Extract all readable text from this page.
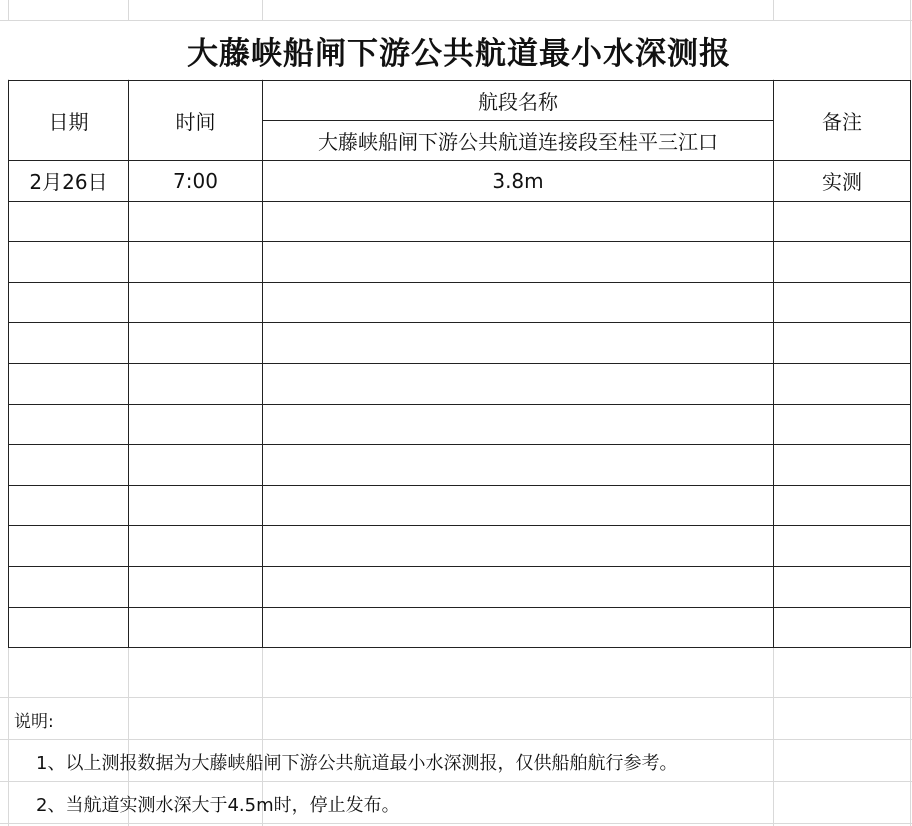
大藤峡船闸下游公共航道最小水深测报
日期	时间	航段名称	备注
		大藤峡船闸下游公共航道连接段至桂平三江口	
2月26日	7:00	3.8m	实测

说明:
1、以上测报数据为大藤峡船闸下游公共航道最小水深测报，仅供船舶航行参考。
2、当航道实测水深大于4.5m时，停止发布。
